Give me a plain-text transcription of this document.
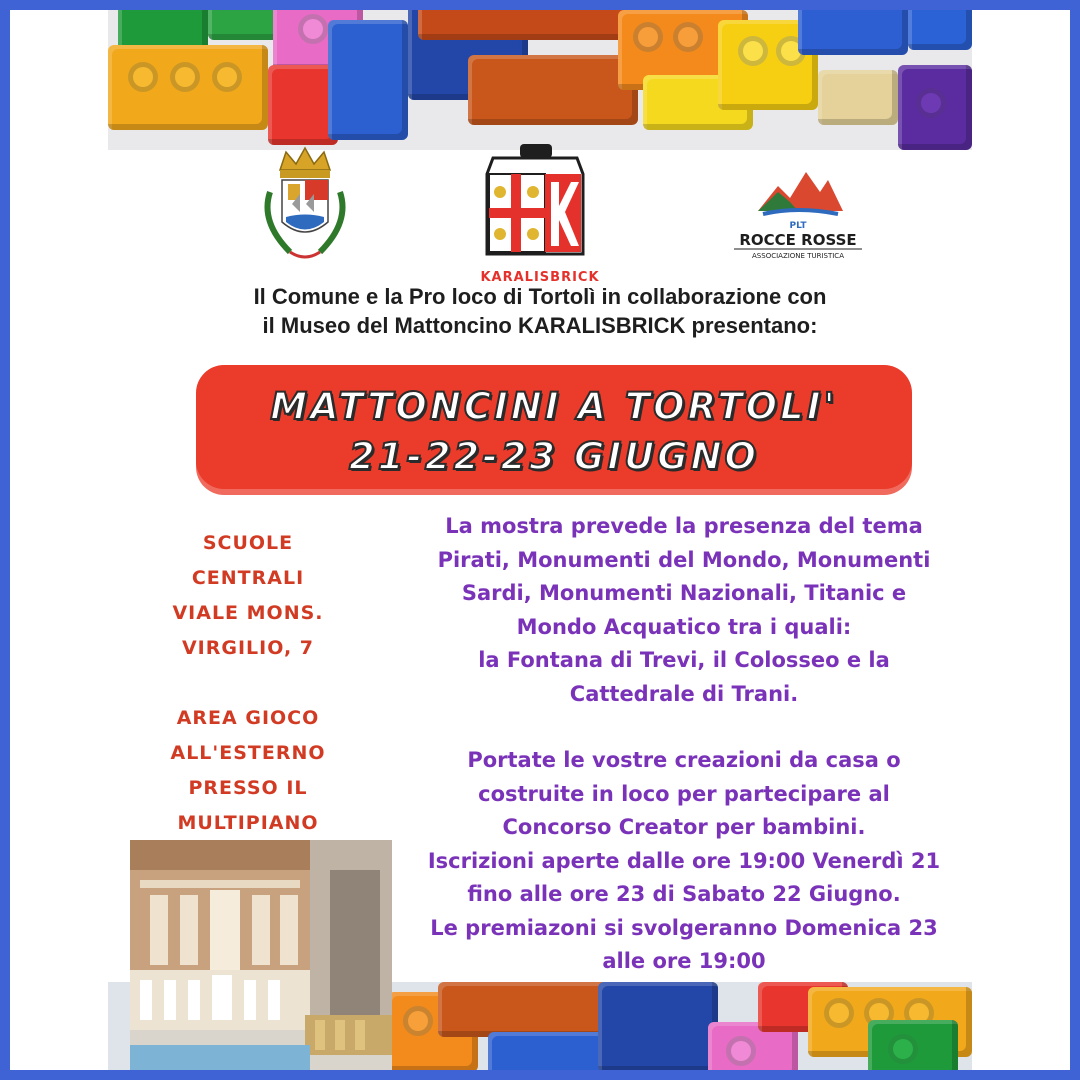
KARALISBRICK
PLT
ROCCE ROSSE
ASSOCIAZIONE TURISTICA
Il Comune e la Pro loco di Tortolì in collaborazione con
il Museo del Mattoncino KARALISBRICK presentano:
MATTONCINI A TORTOLI'
21-22-23 GIUGNO
SCUOLE
CENTRALI
VIALE MONS.
VIRGILIO, 7
AREA GIOCO
ALL'ESTERNO
PRESSO IL
MULTIPIANO
La mostra prevede la presenza del tema
Pirati, Monumenti del Mondo, Monumenti
Sardi, Monumenti Nazionali, Titanic e
Mondo Acquatico tra i quali:
la Fontana di Trevi, il Colosseo e la
Cattedrale di Trani.
Portate le vostre creazioni da casa o
costruite in loco per partecipare al
Concorso Creator per bambini.
Iscrizioni aperte dalle ore 19:00 Venerdì 21
fino alle ore 23 di Sabato 22 Giugno.
Le premiazoni si svolgeranno Domenica 23
alle ore 19:00
